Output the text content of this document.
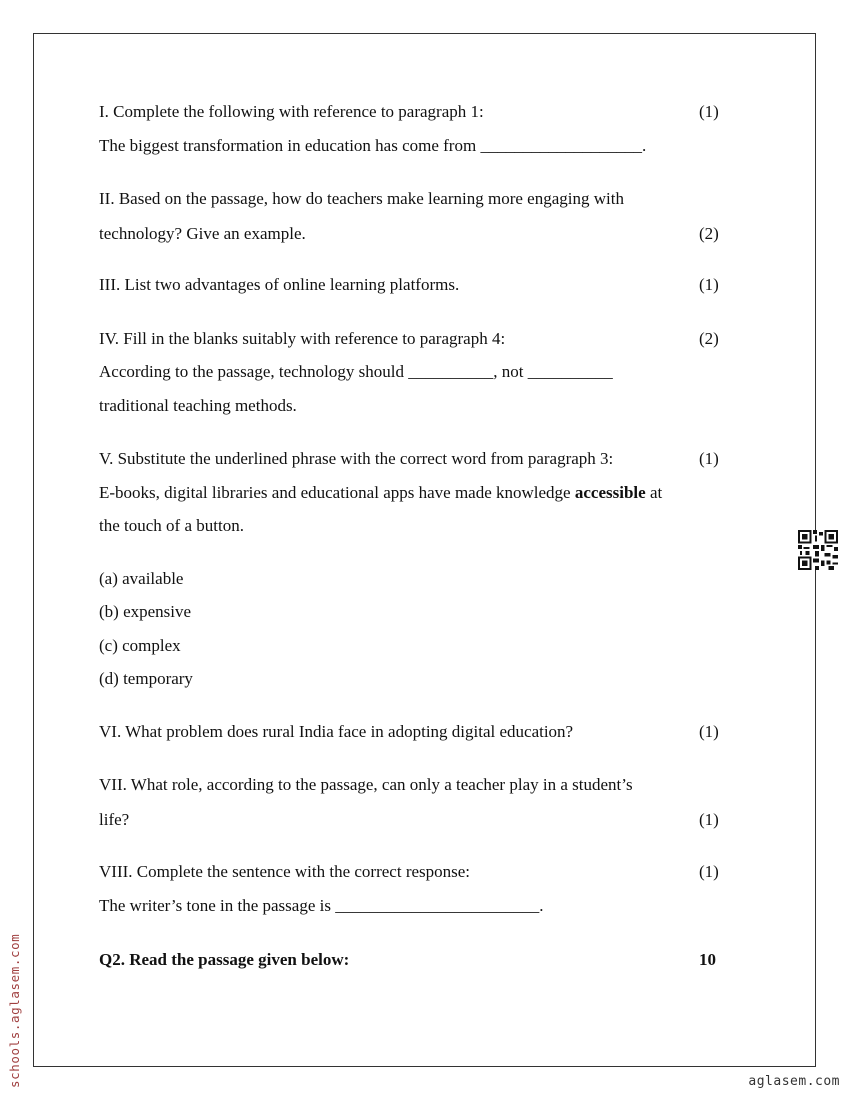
I. Complete the following with reference to paragraph 1:	(1)
The biggest transformation in education has come from ___________________.
II. Based on the passage, how do teachers make learning more engaging with
technology? Give an example.	(2)
III. List two advantages of online learning platforms.	(1)
IV. Fill in the blanks suitably with reference to paragraph 4:	(2)
According to the passage, technology should __________, not __________
traditional teaching methods.
V. Substitute the underlined phrase with the correct word from paragraph 3:	(1)
E-books, digital libraries and educational apps have made knowledge accessible at
the touch of a button.
(a) available
(b) expensive
(c) complex
(d) temporary
VI. What problem does rural India face in adopting digital education?	(1)
VII. What role, according to the passage, can only a teacher play in a student’s
life?	(1)
VIII. Complete the sentence with the correct response:	(1)
The writer’s tone in the passage is ________________________.
Q2. Read the passage given below:	10
schools.aglasem.com	aglasem.com
